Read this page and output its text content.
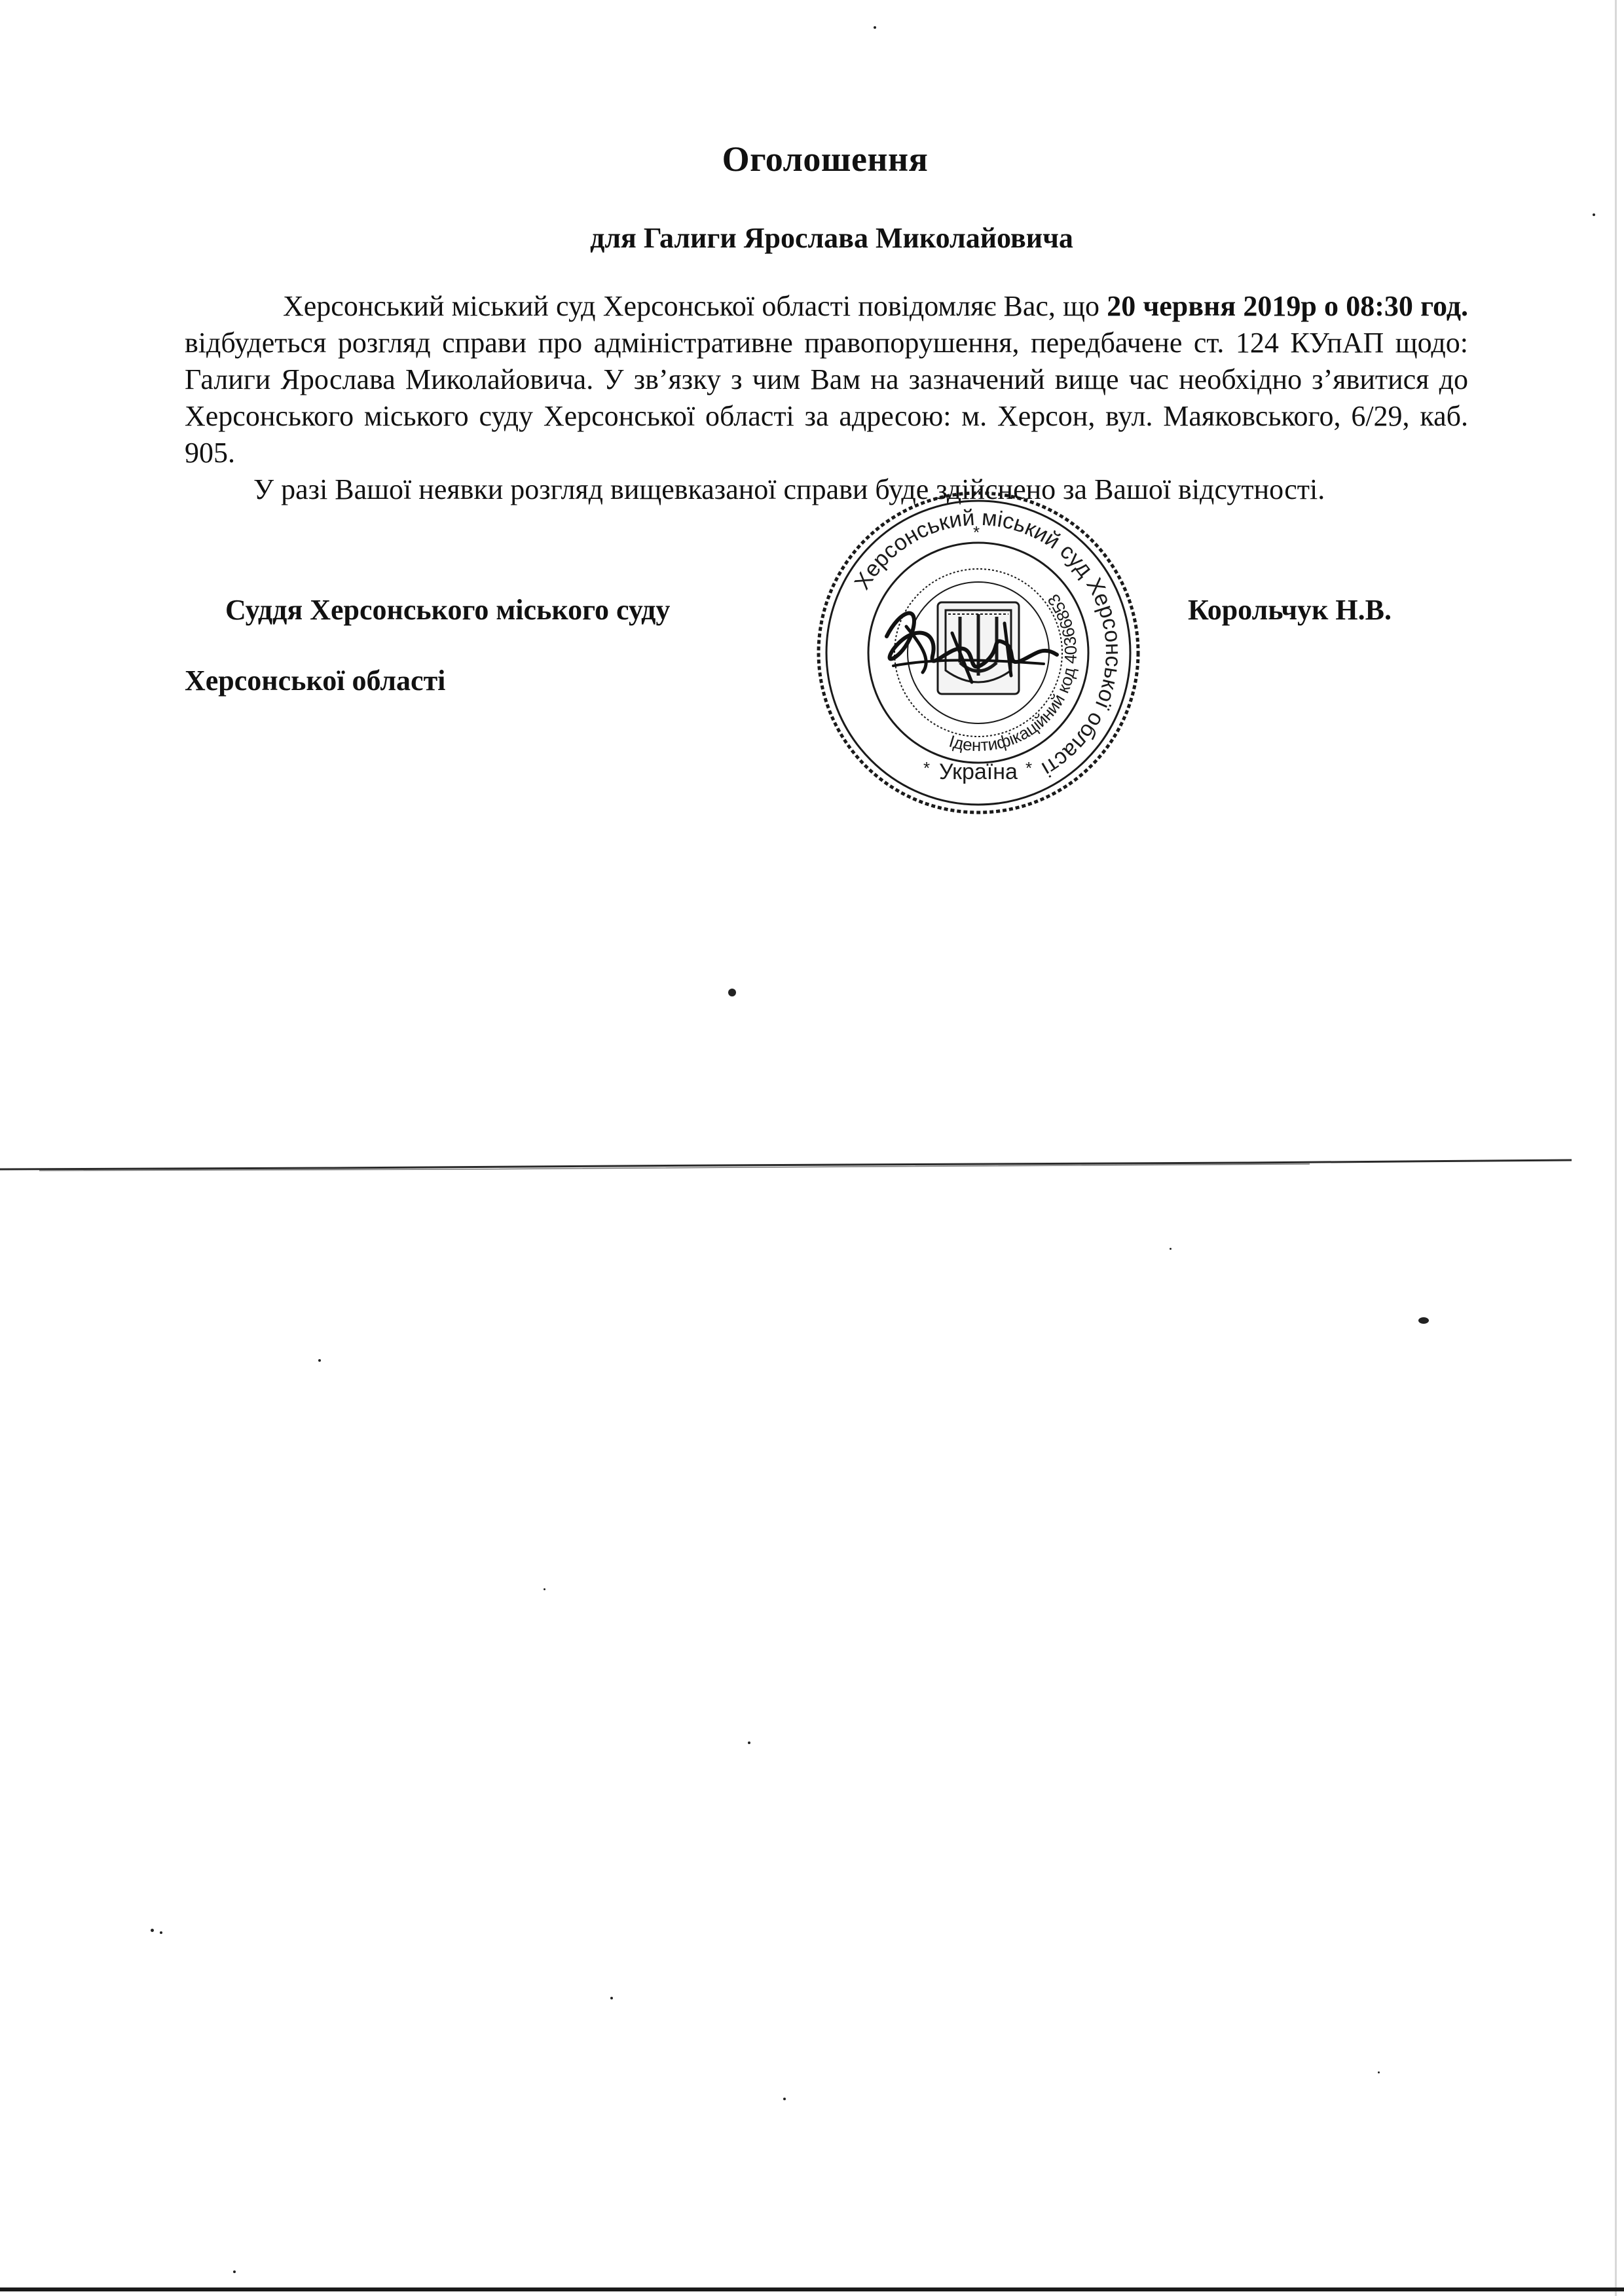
Оголошення
для Галиги Ярослава Миколайовича

Херсонський міський суд Херсонської області повідомляє Вас, що 20 червня 2019р о 08:30 год. відбудеться розгляд справи про адміністративне правопорушення, передбачене ст. 124 КУпАП щодо: Галиги Ярослава Миколайовича. У зв’язку з чим Вам на зазначений вище час необхідно з’явитися до Херсонського міського суду Херсонської області за адресою: м. Херсон, вул. Маяковського, 6/29, каб. 905.

У разі Вашої неявки розгляд вищевказаної справи буде здійснено за Вашої відсутності.

Суддя Херсонського міського суду
Херсонської області
Корольчук Н.В.
Херсонський міський суд Херсонської області
Ідентифікаційний код 40366853
Україна
*	*
*
